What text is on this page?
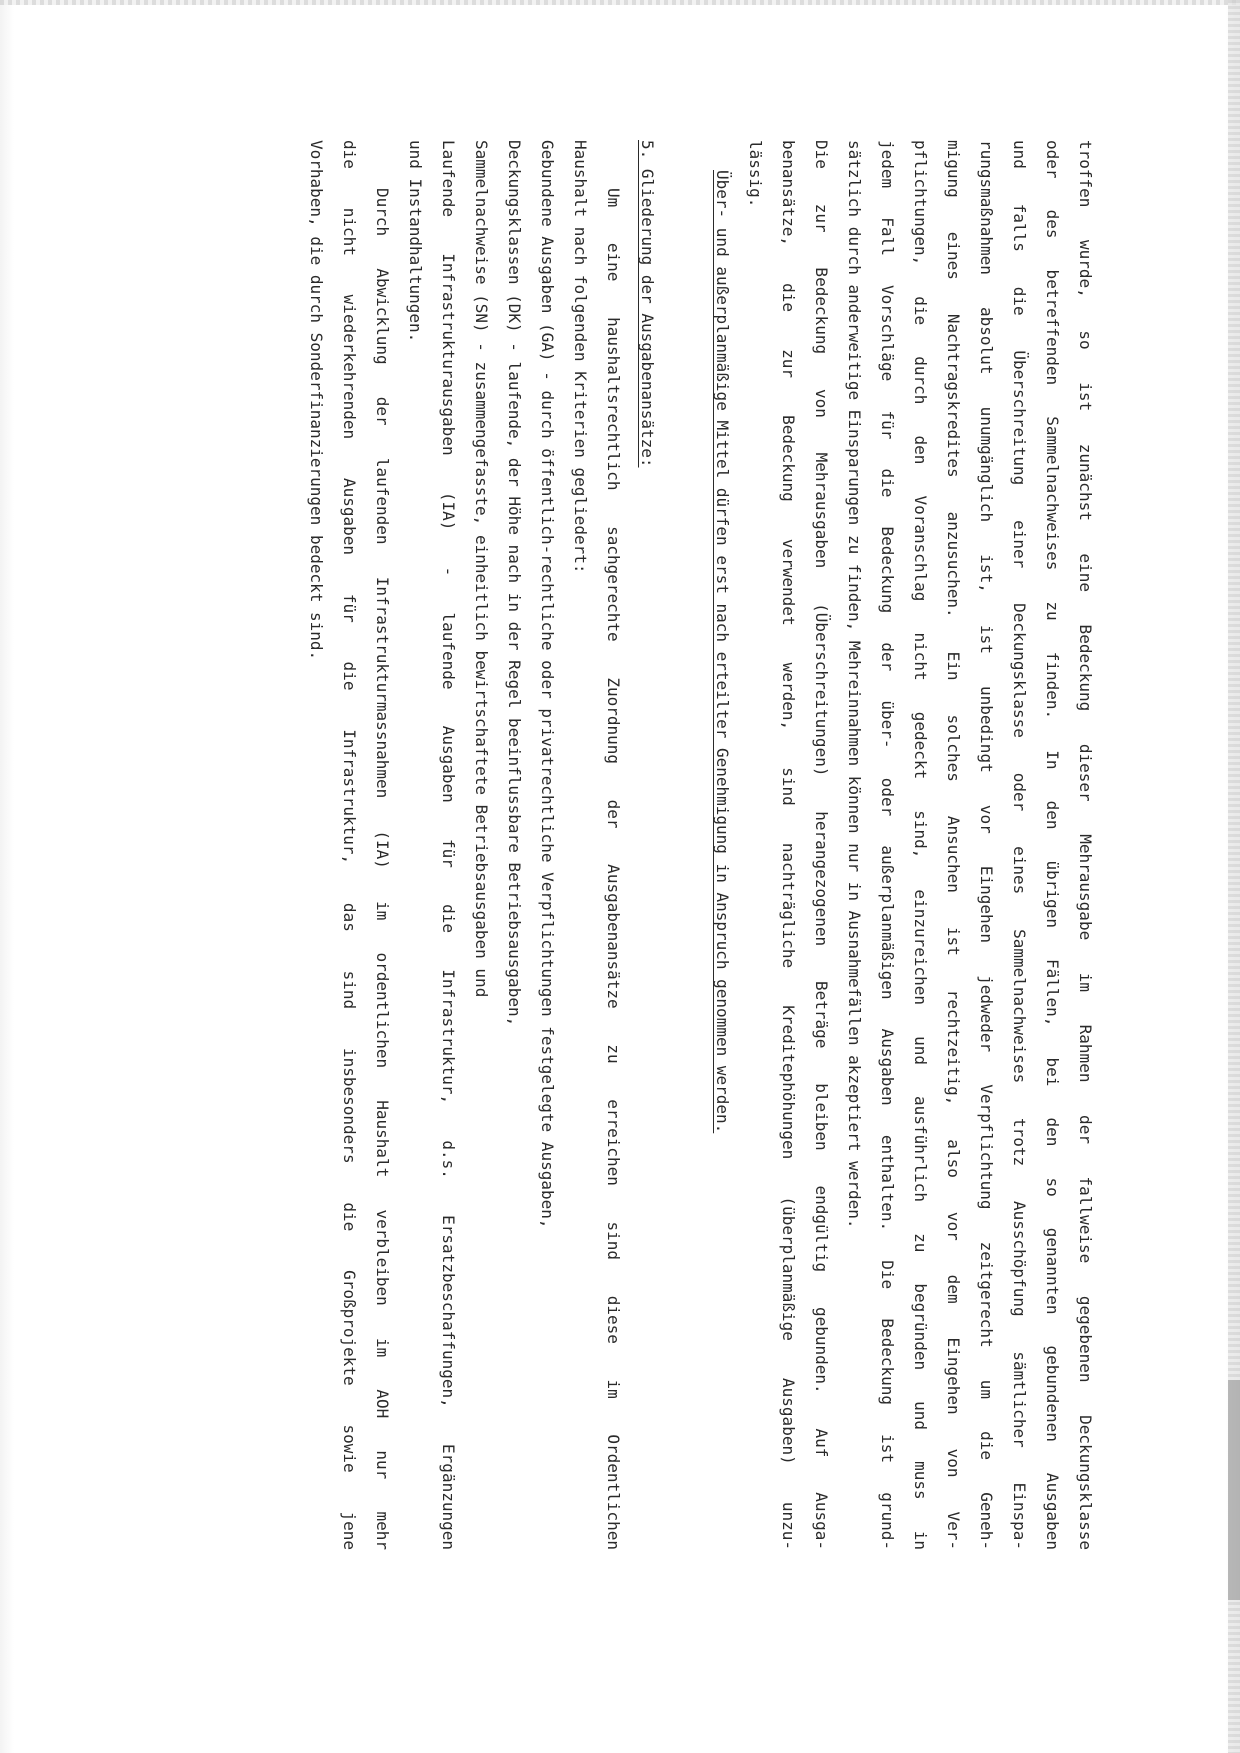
troffen wurde, so ist zunächst eine Bedeckung dieser Mehrausgabe im Rahmen der fallweise gegebenen Deckungsklasse
oder des betreffenden Sammelnachweises zu finden. In den übrigen Fällen, bei den so genannten gebundenen Ausgaben
und falls die Überschreitung einer Deckungsklasse oder eines Sammelnachweises trotz Ausschöpfung sämtlicher Einspa-
rungsmaßnahmen absolut unumgänglich ist, ist unbedingt vor Eingehen jedweder Verpflichtung zeitgerecht um die Geneh-
migung eines Nachtragskredites anzusuchen. Ein solches Ansuchen ist rechtzeitig, also vor dem Eingehen von Ver-
pflichtungen, die durch den Voranschlag nicht gedeckt sind, einzureichen und ausführlich zu begründen und muss in
jedem Fall Vorschläge für die Bedeckung der über- oder außerplanmäßigen Ausgaben enthalten. Die Bedeckung ist grund-
sätzlich durch anderweitige Einsparungen zu finden, Mehreinnahmen können nur in Ausnahmefällen akzeptiert werden.
Die zur Bedeckung von Mehrausgaben (Überschreitungen) herangezogenen Beträge bleiben endgültig gebunden. Auf Ausga-
benansätze, die zur Bedeckung verwendet werden, sind nachträgliche Kreditерhöhungen (überplanmäßige Ausgaben) unzu-
lässig.
Über- und außerplanmäßige Mittel dürfen erst nach erteilter Genehmigung in Anspruch genommen werden.
5. Gliederung der Ausgabenansätze:
Um eine haushaltsrechtlich sachgerechte Zuordnung der Ausgabenansätze zu erreichen sind diese im Ordentlichen
Haushalt nach folgenden Kriterien gegliedert:
Gebundene Ausgaben (GA) - durch öffentlich-rechtliche oder privatrechtliche Verpflichtungen festgelegte Ausgaben,
Deckungsklassen (DK) - laufende, der Höhe nach in der Regel beeinflussbare Betriebsausgaben,
Sammelnachweise (SN) - zusammengefasste, einheitlich bewirtschaftete Betriebsausgaben und
Laufende Infrastrukturausgaben (IA) - laufende Ausgaben für die Infrastruktur, d.s. Ersatzbeschaffungen, Ergänzungen
und Instandhaltungen.
Durch Abwicklung der laufenden Infrastrukturmassnahmen (IA) im ordentlichen Haushalt verbleiben im AOH nur mehr
die nicht wiederkehrenden Ausgaben für die Infrastruktur, das sind insbesonders die Großprojekte sowie jene
Vorhaben, die durch Sonderfinanzierungen bedeckt sind.
